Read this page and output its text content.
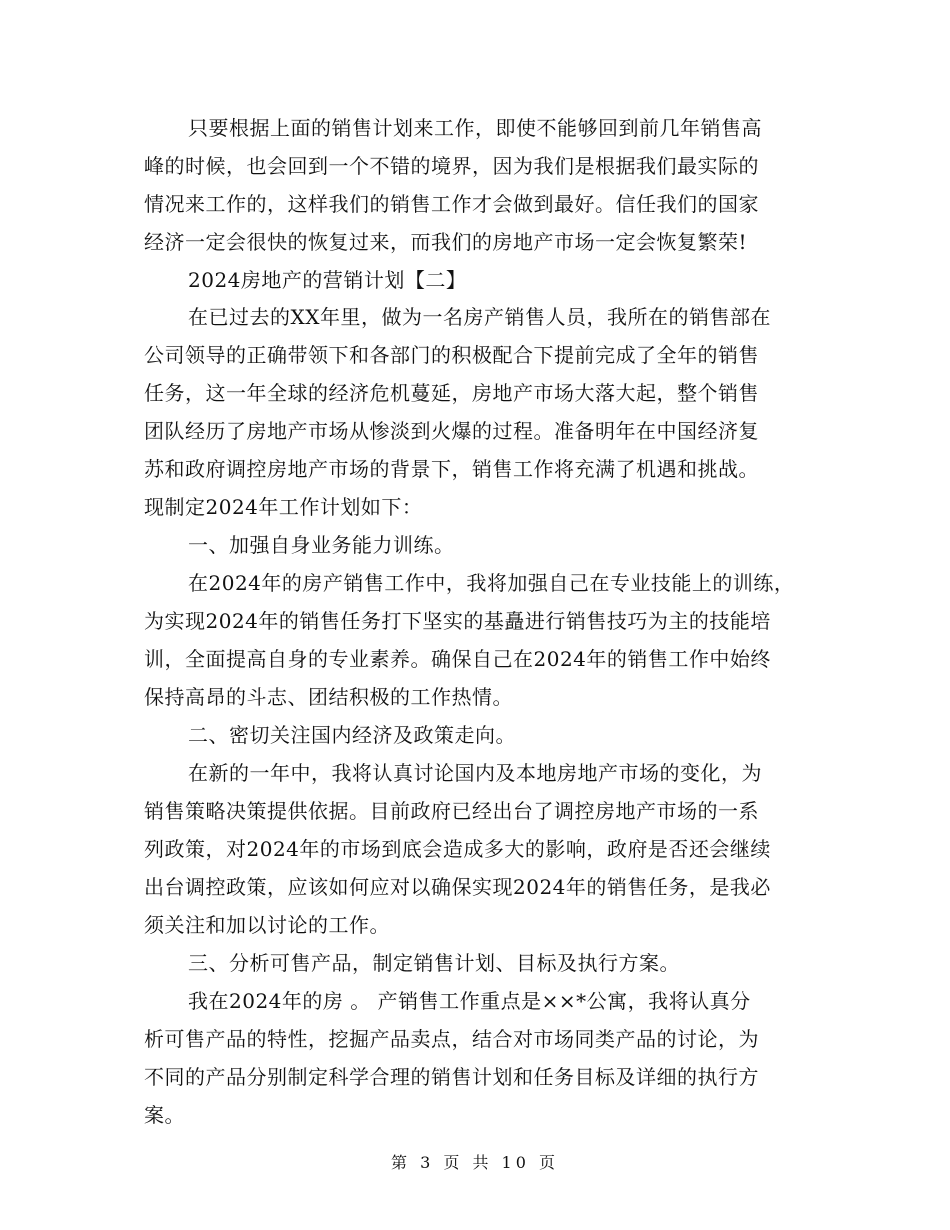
只要根据上面的销售计划来工作，即使不能够回到前几年销售高
峰的时候，也会回到一个不错的境界，因为我们是根据我们最实际的
情况来工作的，这样我们的销售工作才会做到最好。信任我们的国家
经济一定会很快的恢复过来，而我们的房地产市场一定会恢复繁荣!
2024房地产的营销计划【二】
在已过去的XX年里，做为一名房产销售人员，我所在的销售部在
公司领导的正确带领下和各部门的积极配合下提前完成了全年的销售
任务，这一年全球的经济危机蔓延，房地产市场大落大起，整个销售
团队经历了房地产市场从惨淡到火爆的过程。准备明年在中国经济复
苏和政府调控房地产市场的背景下，销售工作将充满了机遇和挑战。
现制定2024年工作计划如下：
一、加强自身业务能力训练。
在2024年的房产销售工作中，我将加强自己在专业技能上的训练，
为实现2024年的销售任务打下坚实的基矗进行销售技巧为主的技能培
训，全面提高自身的专业素养。确保自己在2024年的销售工作中始终
保持高昂的斗志、团结积极的工作热情。
二、密切关注国内经济及政策走向。
在新的一年中，我将认真讨论国内及本地房地产市场的变化，为
销售策略决策提供依据。目前政府已经出台了调控房地产市场的一系
列政策，对2024年的市场到底会造成多大的影响，政府是否还会继续
出台调控政策，应该如何应对以确保实现2024年的销售任务，是我必
须关注和加以讨论的工作。
三、分析可售产品，制定销售计划、目标及执行方案。
我在2024年的房 。 产销售工作重点是××*公寓，我将认真分
析可售产品的特性，挖掘产品卖点，结合对市场同类产品的讨论，为
不同的产品分别制定科学合理的销售计划和任务目标及详细的执行方
案。
第 3 页 共 10 页
